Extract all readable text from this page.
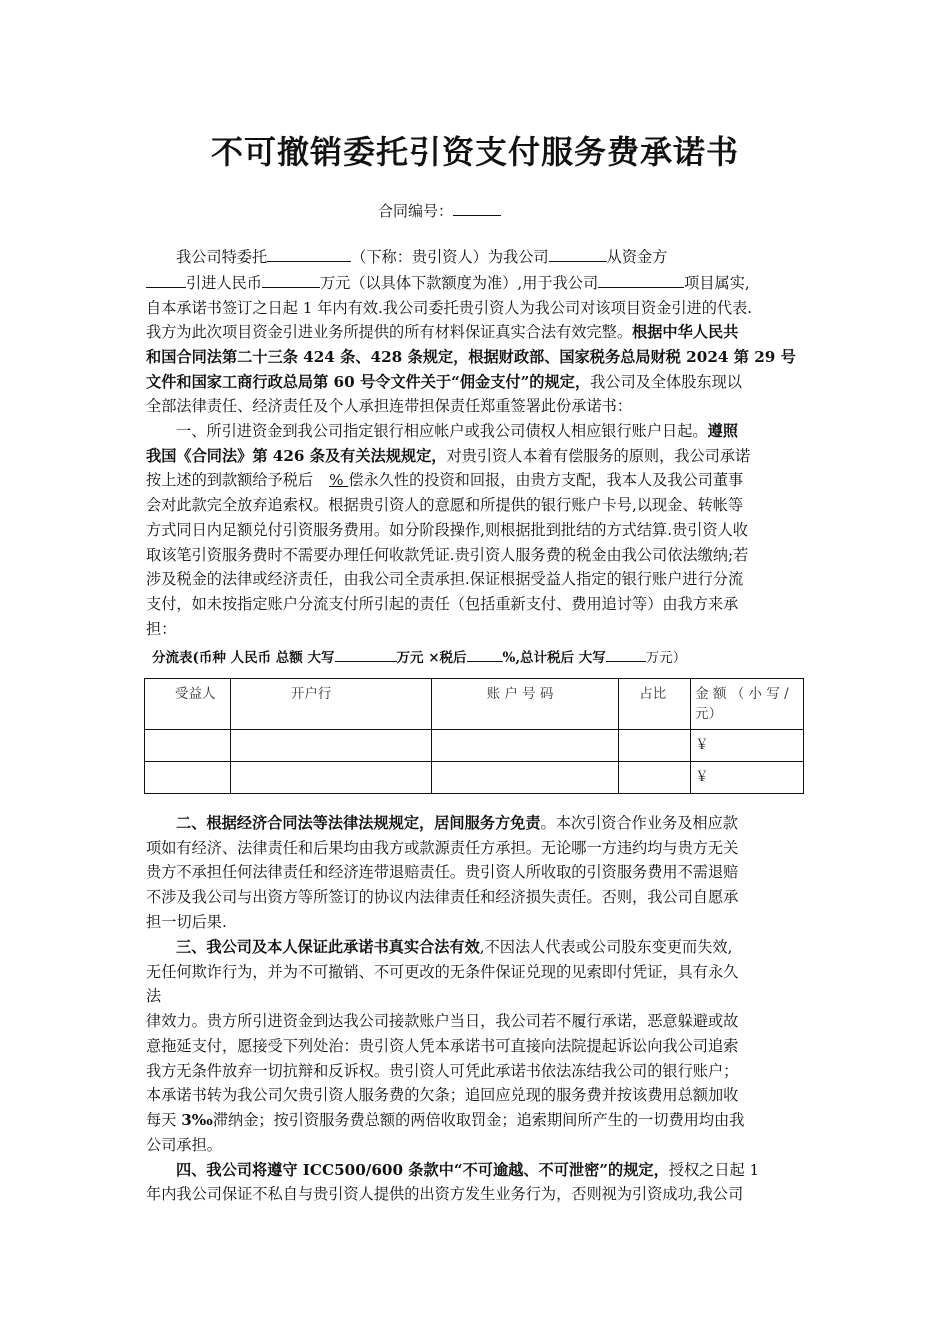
不可撤销委托引资支付服务费承诺书
合同编号：
我公司特委托	（下称：贵引资人）为我公司	从资金方
引进人民币	万元（以具体下款额度为准）,用于我公司	项目属实,
自本承诺书签订之日起 1 年内有效.我公司委托贵引资人为我公司对该项目资金引进的代表.
我方为此次项目资金引进业务所提供的所有材料保证真实合法有效完整。根据中华人民共
和国合同法第二十三条 424 条、428 条规定，根据财政部、国家税务总局财税 2024 第 29 号
文件和国家工商行政总局第 60 号令文件关于“佣金支付”的规定，我公司及全体股东现以
全部法律责任、经济责任及个人承担连带担保责任郑重签署此份承诺书：
一、所引进资金到我公司指定银行相应帐户或我公司债权人相应银行账户日起。遵照
我国《合同法》第 426 条及有关法规规定，对贵引资人本着有偿服务的原则，我公司承诺
按上述的到款额给予税后 % 偿永久性的投资和回报，由贵方支配，我本人及我公司董事
会对此款完全放弃追索权。根据贵引资人的意愿和所提供的银行账户卡号,以现金、转帐等
方式同日内足额兑付引资服务费用。如分阶段操作,则根据批到批结的方式结算.贵引资人收
取该笔引资服务费时不需要办理任何收款凭证.贵引资人服务费的税金由我公司依法缴纳;若
涉及税金的法律或经济责任，由我公司全责承担.保证根据受益人指定的银行账户进行分流
支付，如未按指定账户分流支付所引起的责任（包括重新支付、费用追讨等）由我方来承
担：
分流表(币种 人民币 总额 大写	万元 ×税后	%,总计税后 大写	万元）
受益人	开户行	账 户 号 码	占比	金 额 （ 小 写 / 元）
				￥
				￥
二、根据经济合同法等法律法规规定，居间服务方免责。本次引资合作业务及相应款
项如有经济、法律责任和后果均由我方或款源责任方承担。无论哪一方违约均与贵方无关
贵方不承担任何法律责任和经济连带退赔责任。贵引资人所收取的引资服务费用不需退赔
不涉及我公司与出资方等所签订的协议内法律责任和经济损失责任。否则，我公司自愿承
担一切后果.
三、我公司及本人保证此承诺书真实合法有效,不因法人代表或公司股东变更而失效,
无任何欺诈行为，并为不可撤销、不可更改的无条件保证兑现的见索即付凭证，具有永久
法
律效力。贵方所引进资金到达我公司接款账户当日，我公司若不履行承诺，恶意躲避或故
意拖延支付，愿接受下列处治：贵引资人凭本承诺书可直接向法院提起诉讼向我公司追索
我方无条件放弃一切抗辩和反诉权。贵引资人可凭此承诺书依法冻结我公司的银行账户；
本承诺书转为我公司欠贵引资人服务费的欠条；追回应兑现的服务费并按该费用总额加收
每天 3‰滞纳金；按引资服务费总额的两倍收取罚金；追索期间所产生的一切费用均由我
公司承担。
四、我公司将遵守 ICC500/600 条款中“不可逾越、不可泄密”的规定，授权之日起 1
年内我公司保证不私自与贵引资人提供的出资方发生业务行为，否则视为引资成功,我公司
